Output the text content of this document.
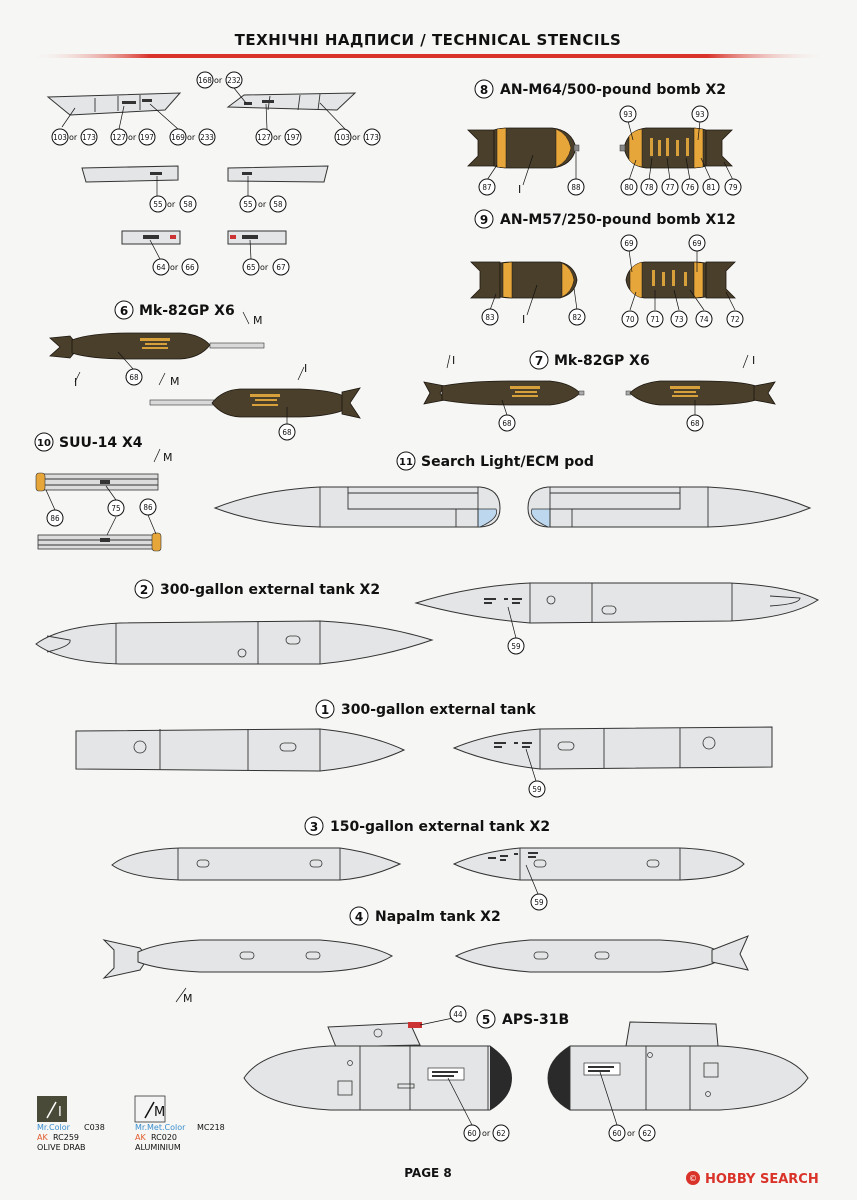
ТЕХНІЧНІ НАДПИСИ / TECHNICAL STENCILS
103 or 173 127 or 197 169 or 233
168 or 232
127 or 197	103 or 173
55 or 58	55 or 58
64 or 66	65 or 67
8 AN-M64/500-pound bomb X2
87 I	88
93	93
80 78 77 76 81 79
9 AN-M57/250-pound bomb X12
83 I	82
69	69
70 71 73 74	72
6 Mk-82GP X6
I
M
68	M
I
68
7 Mk-82GP X6
I
68
I
68
10 SUU-14 X4
M
86
75	86
11 Search Light/ECM pod
2 300-gallon external tank X2
59
1 300-gallon external tank
59
3 150-gallon external tank X2
59
4 Napalm tank X2
M
5 APS-31B
44
60 or 62	60 or 62
I
Mr.Color C038
AK RC259
OLIVE DRAB
M
Mr.Met.Color MC218
AK RC020
ALUMINIUM
PAGE 8	© HOBBY SEARCH
